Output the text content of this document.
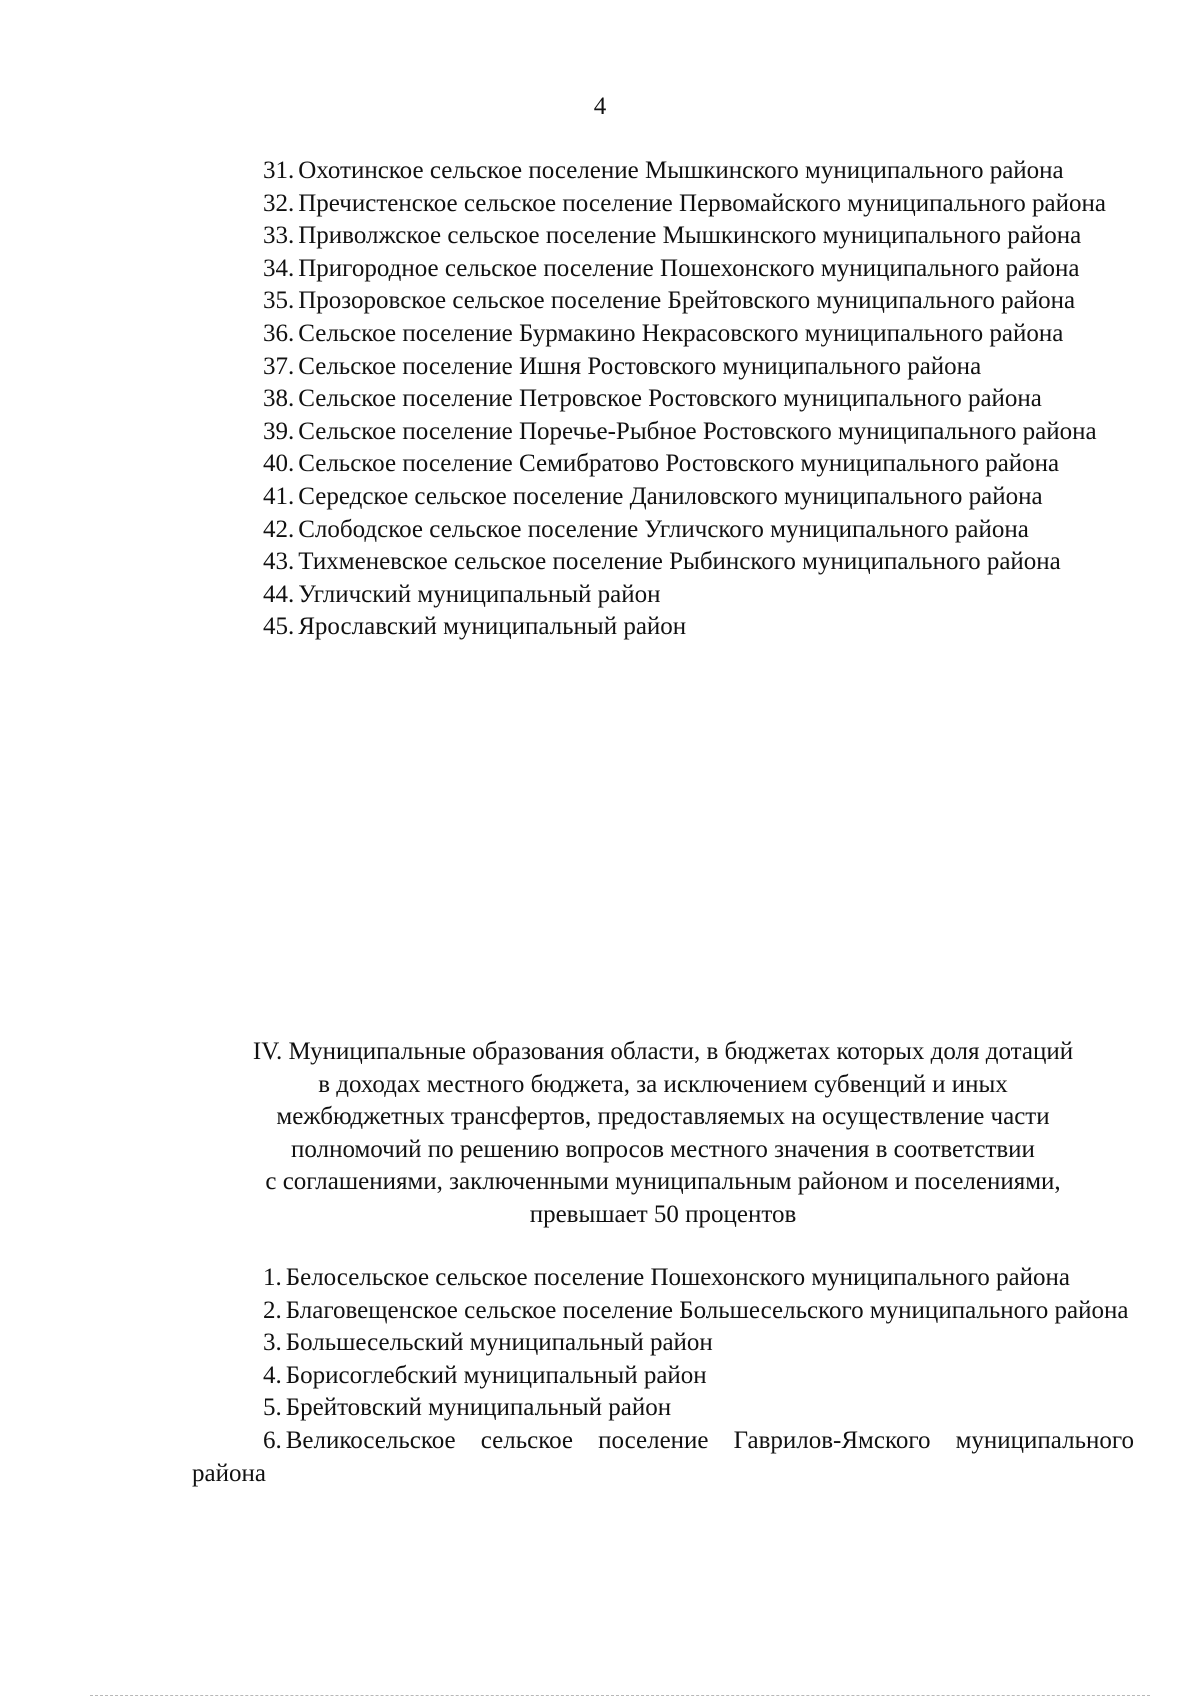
4

31. Охотинское сельское поселение Мышкинского муниципального района

32. Пречистенское сельское поселение Первомайского муниципального района

33. Приволжское сельское поселение Мышкинского муниципального района

34. Пригородное сельское поселение Пошехонского муниципального района

35. Прозоровское сельское поселение Брейтовского муниципального района

36. Сельское поселение Бурмакино Некрасовского муниципального района

37. Сельское поселение Ишня Ростовского муниципального района

38. Сельское поселение Петровское Ростовского муниципального района

39. Сельское поселение Поречье-Рыбное Ростовского муниципального района

40. Сельское поселение Семибратово Ростовского муниципального района

41. Середское сельское поселение Даниловского муниципального района

42. Слободское сельское поселение Угличского муниципального района

43. Тихменевское сельское поселение Рыбинского муниципального района

44. Угличский муниципальный район

45. Ярославский муниципальный район

IV. Муниципальные образования области, в бюджетах которых доля дотаций

в доходах местного бюджета, за исключением субвенций и иных

межбюджетных трансфертов, предоставляемых на осуществление части

полномочий по решению вопросов местного значения в соответствии

с соглашениями, заключенными муниципальным районом и поселениями,

превышает 50 процентов

1. Белосельское сельское поселение Пошехонского муниципального района

2. Благовещенское сельское поселение Большесельского муниципального района

3. Большесельский муниципальный район

4. Борисоглебский муниципальный район

5. Брейтовский муниципальный район

6. Великосельское сельское поселение Гаврилов-Ямского муниципального района
